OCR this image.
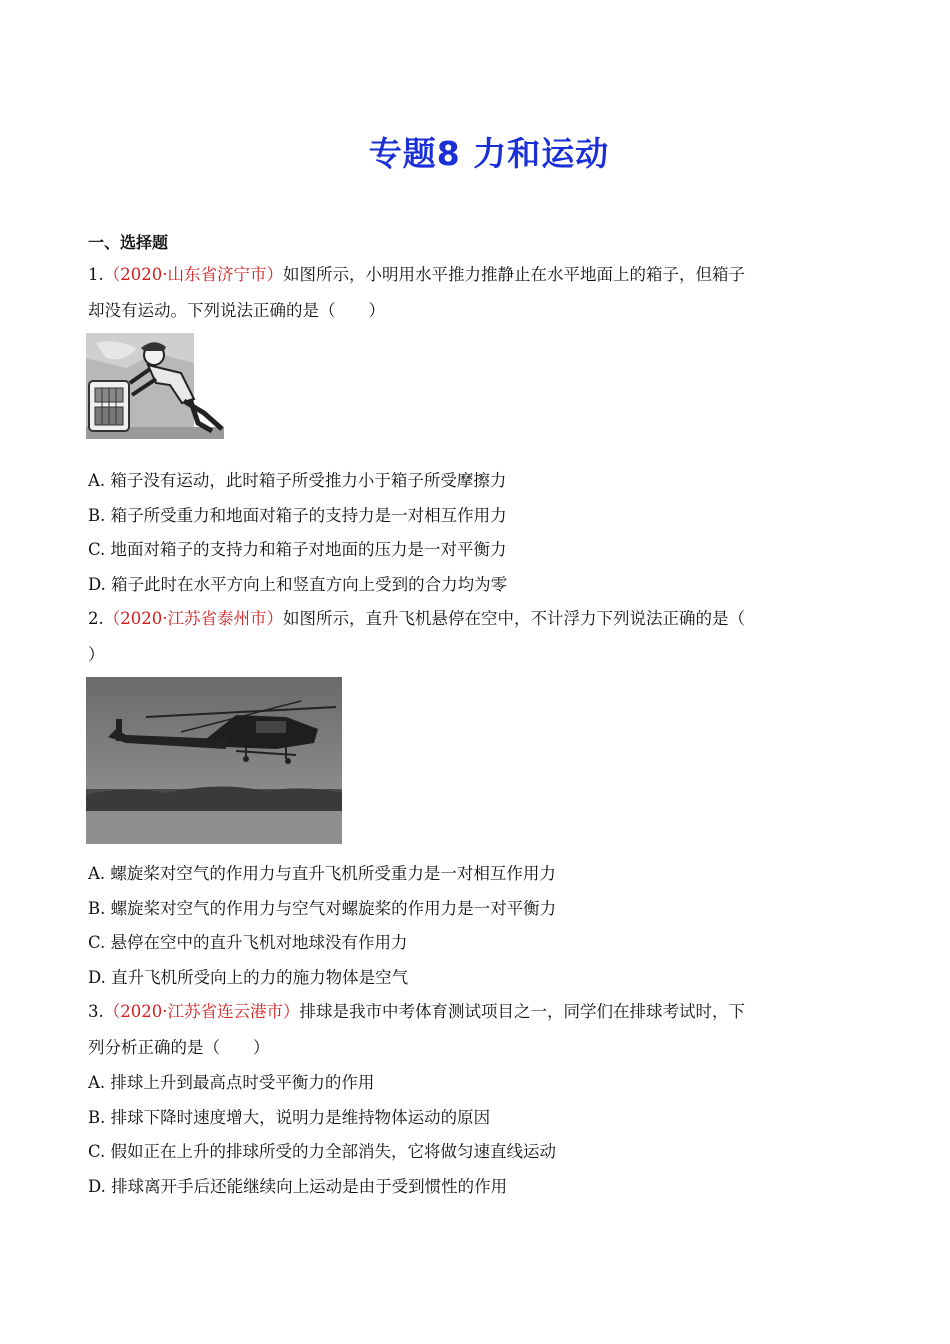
专题8 力和运动
一、选择题
1.（2020·山东省济宁市）如图所示，小明用水平推力推静止在水平地面上的箱子，但箱子
却没有运动。下列说法正确的是（　　）
A. 箱子没有运动，此时箱子所受推力小于箱子所受摩擦力
B. 箱子所受重力和地面对箱子的支持力是一对相互作用力
C. 地面对箱子的支持力和箱子对地面的压力是一对平衡力
D. 箱子此时在水平方向上和竖直方向上受到的合力均为零
2.（2020·江苏省泰州市）如图所示，直升飞机悬停在空中，不计浮力下列说法正确的是（
）
A. 螺旋桨对空气的作用力与直升飞机所受重力是一对相互作用力
B. 螺旋桨对空气的作用力与空气对螺旋桨的作用力是一对平衡力
C. 悬停在空中的直升飞机对地球没有作用力
D. 直升飞机所受向上的力的施力物体是空气
3.（2020·江苏省连云港市）排球是我市中考体育测试项目之一，同学们在排球考试时，下
列分析正确的是（　　）
A. 排球上升到最高点时受平衡力的作用
B. 排球下降时速度增大，说明力是维持物体运动的原因
C. 假如正在上升的排球所受的力全部消失，它将做匀速直线运动
D. 排球离开手后还能继续向上运动是由于受到惯性的作用
